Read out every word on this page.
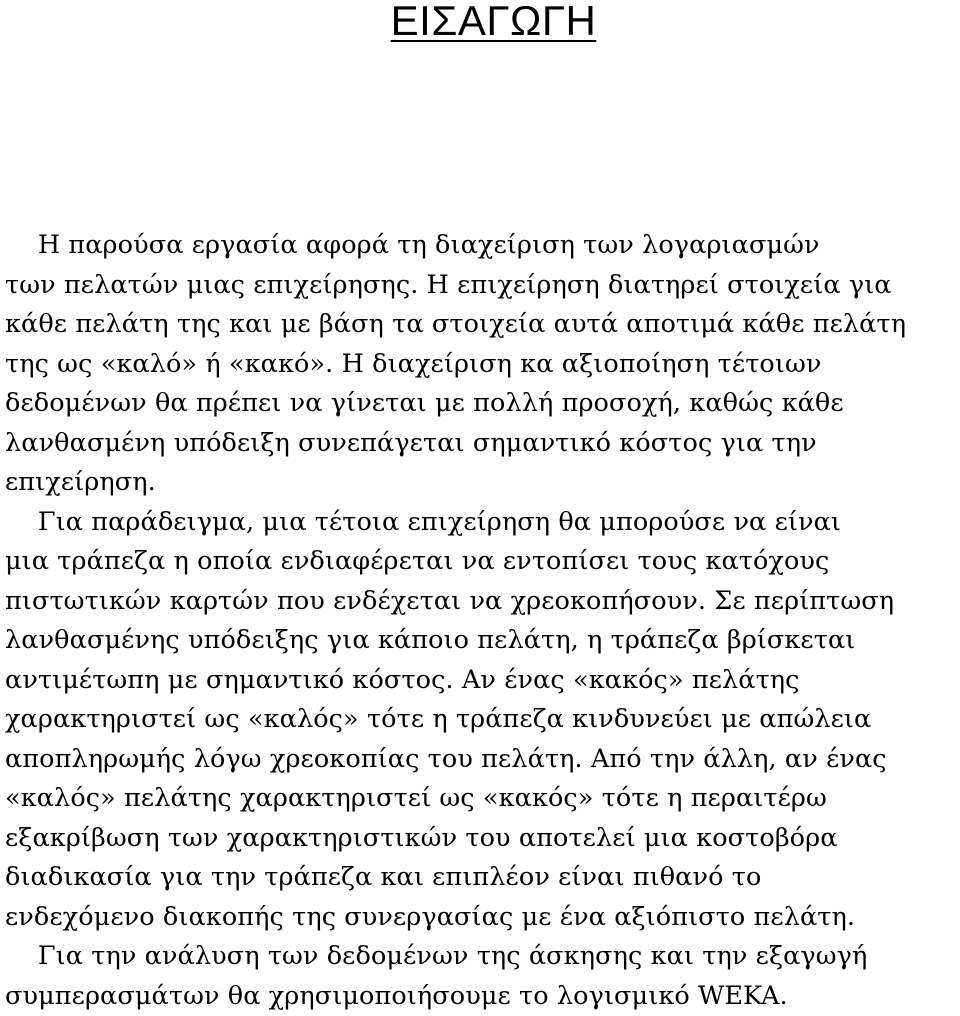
ΕΙΣΑΓΩΓΗ
Η παρούσα εργασία αφορά τη διαχείριση των λογαριασμών
των πελατών μιας επιχείρησης. Η επιχείρηση διατηρεί στοιχεία για
κάθε πελάτη της και με βάση τα στοιχεία αυτά αποτιμά κάθε πελάτη
της ως «καλό» ή «κακό». Η διαχείριση κα αξιοποίηση τέτοιων
δεδομένων θα πρέπει να γίνεται με πολλή προσοχή, καθώς κάθε
λανθασμένη υπόδειξη συνεπάγεται σημαντικό κόστος για την
επιχείρηση.
Για παράδειγμα, μια τέτοια επιχείρηση θα μπορούσε να είναι
μια τράπεζα η οποία ενδιαφέρεται να εντοπίσει τους κατόχους
πιστωτικών καρτών που ενδέχεται να χρεοκοπήσουν. Σε περίπτωση
λανθασμένης υπόδειξης για κάποιο πελάτη, η τράπεζα βρίσκεται
αντιμέτωπη με σημαντικό κόστος. Αν ένας «κακός» πελάτης
χαρακτηριστεί ως «καλός» τότε η τράπεζα κινδυνεύει με απώλεια
αποπληρωμής λόγω χρεοκοπίας του πελάτη. Από την άλλη, αν ένας
«καλός» πελάτης χαρακτηριστεί ως «κακός» τότε η περαιτέρω
εξακρίβωση των χαρακτηριστικών του αποτελεί μια κοστοβόρα
διαδικασία για την τράπεζα και επιπλέον είναι πιθανό το
ενδεχόμενο διακοπής της συνεργασίας με ένα αξιόπιστο πελάτη.
Για την ανάλυση των δεδομένων της άσκησης και την εξαγωγή
συμπερασμάτων θα χρησιμοποιήσουμε το λογισμικό WEKA.
